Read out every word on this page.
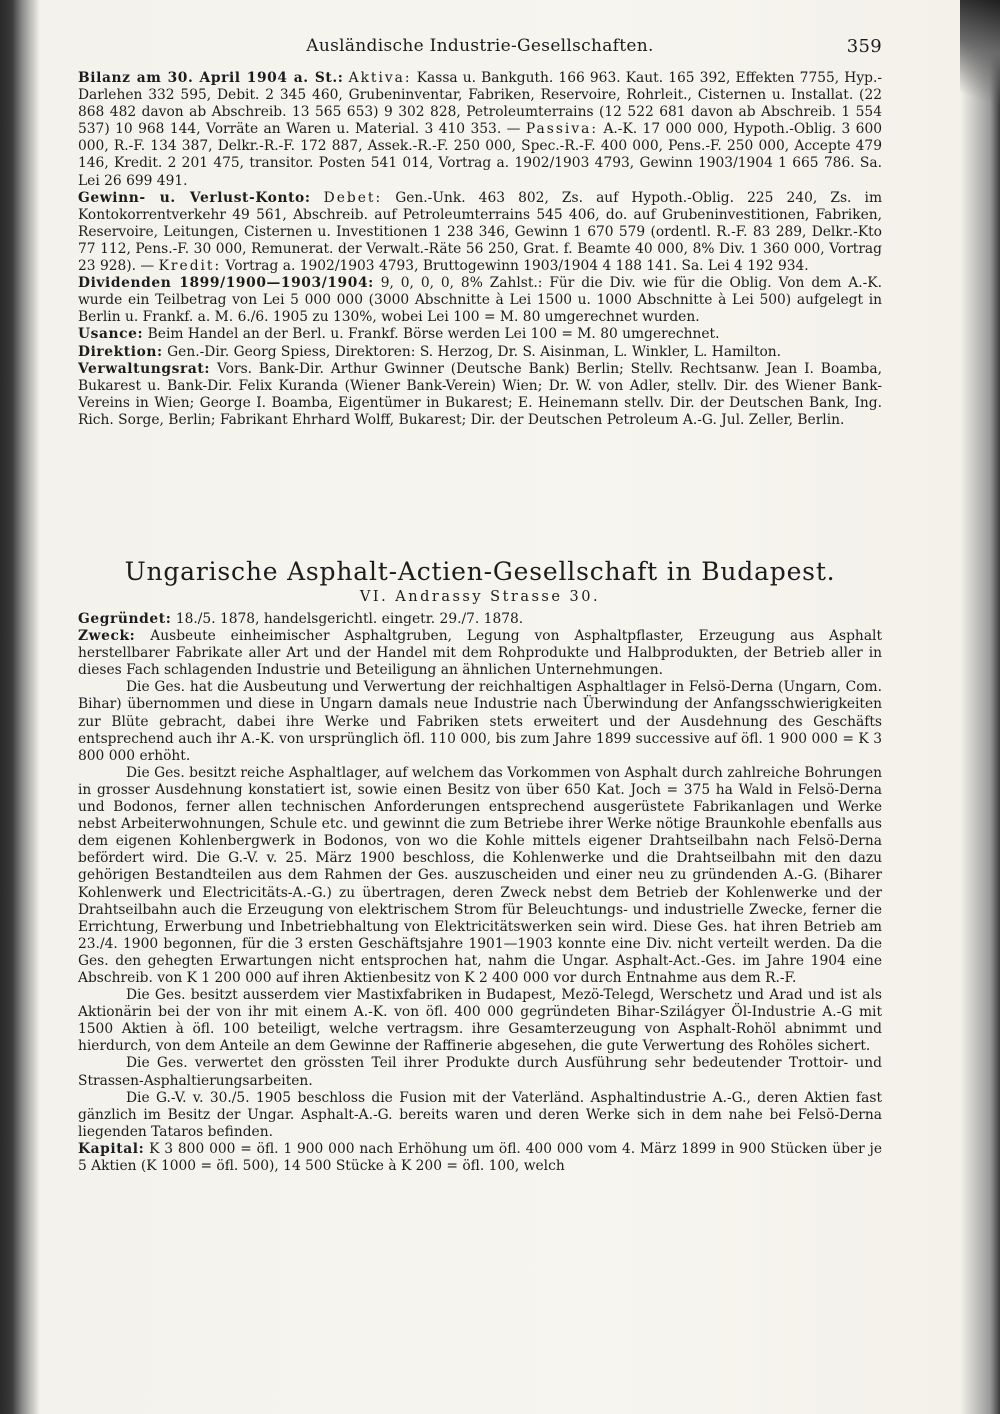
Ausländische Industrie-Gesellschaften.	359

Bilanz am 30. April 1904 a. St.: Aktiva: Kassa u. Bankguth. 166 963. Kaut. 165 392, Effekten 7755, Hyp.-Darlehen 332 595, Debit. 2 345 460, Grubeninventar, Fabriken, Reservoire, Rohrleit., Cisternen u. Installat. (22 868 482 davon ab Abschreib. 13 565 653) 9 302 828, Petroleumterrains (12 522 681 davon ab Abschreib. 1 554 537) 10 968 144, Vorräte an Waren u. Material. 3 410 353. — Passiva: A.-K. 17 000 000, Hypoth.-Oblig. 3 600 000, R.-F. 134 387, Delkr.-R.-F. 172 887, Assek.-R.-F. 250 000, Spec.-R.-F. 400 000, Pens.-F. 250 000, Accepte 479 146, Kredit. 2 201 475, transitor. Posten 541 014, Vortrag a. 1902/1903 4793, Gewinn 1903/1904 1 665 786. Sa. Lei 26 699 491.

Gewinn- u. Verlust-Konto: Debet: Gen.-Unk. 463 802, Zs. auf Hypoth.-Oblig. 225 240, Zs. im Kontokorrentverkehr 49 561, Abschreib. auf Petroleumterrains 545 406, do. auf Grubeninvestitionen, Fabriken, Reservoire, Leitungen, Cisternen u. Investitionen 1 238 346, Gewinn 1 670 579 (ordentl. R.-F. 83 289, Delkr.-Kto 77 112, Pens.-F. 30 000, Remunerat. der Verwalt.-Räte 56 250, Grat. f. Beamte 40 000, 8% Div. 1 360 000, Vortrag 23 928). — Kredit: Vortrag a. 1902/1903 4793, Bruttogewinn 1903/1904 4 188 141. Sa. Lei 4 192 934.

Dividenden 1899/1900—1903/1904: 9, 0, 0, 0, 8% Zahlst.: Für die Div. wie für die Oblig. Von dem A.-K. wurde ein Teilbetrag von Lei 5 000 000 (3000 Abschnitte à Lei 1500 u. 1000 Abschnitte à Lei 500) aufgelegt in Berlin u. Frankf. a. M. 6./6. 1905 zu 130%, wobei Lei 100 = M. 80 umgerechnet wurden.

Usance: Beim Handel an der Berl. u. Frankf. Börse werden Lei 100 = M. 80 umgerechnet.

Direktion: Gen.-Dir. Georg Spiess, Direktoren: S. Herzog, Dr. S. Aisinman, L. Winkler, L. Hamilton.

Verwaltungsrat: Vors. Bank-Dir. Arthur Gwinner (Deutsche Bank) Berlin; Stellv. Rechtsanw. Jean I. Boamba, Bukarest u. Bank-Dir. Felix Kuranda (Wiener Bank-Verein) Wien; Dr. W. von Adler, stellv. Dir. des Wiener Bank-Vereins in Wien; George I. Boamba, Eigentümer in Bukarest; E. Heinemann stellv. Dir. der Deutschen Bank, Ing. Rich. Sorge, Berlin; Fabrikant Ehrhard Wolff, Bukarest; Dir. der Deutschen Petroleum A.-G. Jul. Zeller, Berlin.

Ungarische Asphalt-Actien-Gesellschaft in Budapest.
VI. Andrassy Strasse 30.

Gegründet: 18./5. 1878, handelsgerichtl. eingetr. 29./7. 1878.

Zweck: Ausbeute einheimischer Asphaltgruben, Legung von Asphaltpflaster, Erzeugung aus Asphalt herstellbarer Fabrikate aller Art und der Handel mit dem Rohprodukte und Halbprodukten, der Betrieb aller in dieses Fach schlagenden Industrie und Beteiligung an ähnlichen Unternehmungen.

Die Ges. hat die Ausbeutung und Verwertung der reichhaltigen Asphaltlager in Felsö-Derna (Ungarn, Com. Bihar) übernommen und diese in Ungarn damals neue Industrie nach Überwindung der Anfangsschwierigkeiten zur Blüte gebracht, dabei ihre Werke und Fabriken stets erweitert und der Ausdehnung des Geschäfts entsprechend auch ihr A.-K. von ursprünglich öfl. 110 000, bis zum Jahre 1899 successive auf öfl. 1 900 000 = K 3 800 000 erhöht.

Die Ges. besitzt reiche Asphaltlager, auf welchem das Vorkommen von Asphalt durch zahlreiche Bohrungen in grosser Ausdehnung konstatiert ist, sowie einen Besitz von über 650 Kat. Joch = 375 ha Wald in Felsö-Derna und Bodonos, ferner allen technischen Anforderungen entsprechend ausgerüstete Fabrikanlagen und Werke nebst Arbeiterwohnungen, Schule etc. und gewinnt die zum Betriebe ihrer Werke nötige Braunkohle ebenfalls aus dem eigenen Kohlenbergwerk in Bodonos, von wo die Kohle mittels eigener Drahtseilbahn nach Felsö-Derna befördert wird. Die G.-V. v. 25. März 1900 beschloss, die Kohlenwerke und die Drahtseilbahn mit den dazu gehörigen Bestandteilen aus dem Rahmen der Ges. auszuscheiden und einer neu zu gründenden A.-G. (Biharer Kohlenwerk und Electricitäts-A.-G.) zu übertragen, deren Zweck nebst dem Betrieb der Kohlenwerke und der Drahtseilbahn auch die Erzeugung von elektrischem Strom für Beleuchtungs- und industrielle Zwecke, ferner die Errichtung, Erwerbung und Inbetriebhaltung von Elektricitätswerken sein wird. Diese Ges. hat ihren Betrieb am 23./4. 1900 begonnen, für die 3 ersten Geschäftsjahre 1901—1903 konnte eine Div. nicht verteilt werden. Da die Ges. den gehegten Erwartungen nicht entsprochen hat, nahm die Ungar. Asphalt-Act.-Ges. im Jahre 1904 eine Abschreib. von K 1 200 000 auf ihren Aktienbesitz von K 2 400 000 vor durch Entnahme aus dem R.-F.

Die Ges. besitzt ausserdem vier Mastixfabriken in Budapest, Mezö-Telegd, Werschetz und Arad und ist als Aktionärin bei der von ihr mit einem A.-K. von öfl. 400 000 gegründeten Bihar-Szilágyer Öl-Industrie A.-G mit 1500 Aktien à öfl. 100 beteiligt, welche vertragsm. ihre Gesamterzeugung von Asphalt-Rohöl abnimmt und hierdurch, von dem Anteile an dem Gewinne der Raffinerie abgesehen, die gute Verwertung des Rohöles sichert.

Die Ges. verwertet den grössten Teil ihrer Produkte durch Ausführung sehr bedeutender Trottoir- und Strassen-Asphaltierungsarbeiten.

Die G.-V. v. 30./5. 1905 beschloss die Fusion mit der Vaterländ. Asphaltindustrie A.-G., deren Aktien fast gänzlich im Besitz der Ungar. Asphalt-A.-G. bereits waren und deren Werke sich in dem nahe bei Felsö-Derna liegenden Tataros befinden.

Kapital: K 3 800 000 = öfl. 1 900 000 nach Erhöhung um öfl. 400 000 vom 4. März 1899 in 900 Stücken über je 5 Aktien (K 1000 = öfl. 500), 14 500 Stücke à K 200 = öfl. 100, welch
